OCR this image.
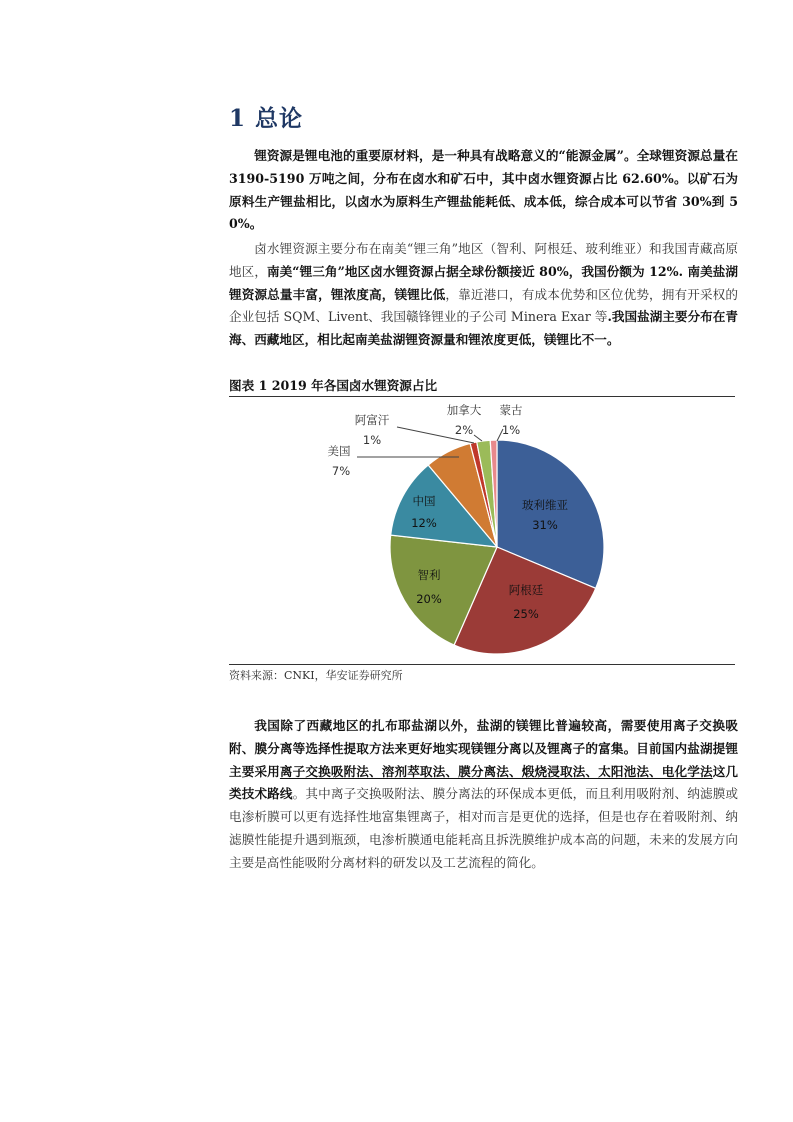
1 总论

锂资源是锂电池的重要原材料，是一种具有战略意义的“能源金属”。全球锂资源总量在 3190-5190 万吨之间，分布在卤水和矿石中，其中卤水锂资源占比 62.60%。以矿石为原料生产锂盐相比，以卤水为原料生产锂盐能耗低、成本低，综合成本可以节省 30%到 50%。

卤水锂资源主要分布在南美“锂三角”地区（智利、阿根廷、玻利维亚）和我国青藏高原地区，南美“锂三角”地区卤水锂资源占据全球份额接近 80%，我国份额为 12%. 南美盐湖锂资源总量丰富，锂浓度高，镁锂比低，靠近港口，有成本优势和区位优势，拥有开采权的企业包括 SQM、Livent、我国赣锋锂业的子公司 Minera Exar 等.我国盐湖主要分布在青海、西藏地区，相比起南美盐湖锂资源量和锂浓度更低，镁锂比不一。

图表 1 2019 年各国卤水锂资源占比

玻利维亚
31%
阿根廷
25%
智利
20%
中国
12%
美国
7%
阿富汗
1%
加拿大
2%
蒙古
1%

资料来源：CNKI，华安证券研究所

我国除了西藏地区的扎布耶盐湖以外，盐湖的镁锂比普遍较高，需要使用离子交换吸附、膜分离等选择性提取方法来更好地实现镁锂分离以及锂离子的富集。目前国内盐湖提锂主要采用离子交换吸附法、溶剂萃取法、膜分离法、煅烧浸取法、太阳池法、电化学法这几类技术路线。其中离子交换吸附法、膜分离法的环保成本更低，而且利用吸附剂、纳滤膜或电渗析膜可以更有选择性地富集锂离子，相对而言是更优的选择，但是也存在着吸附剂、纳滤膜性能提升遇到瓶颈，电渗析膜通电能耗高且拆洗膜维护成本高的问题，未来的发展方向主要是高性能吸附分离材料的研发以及工艺流程的简化。
